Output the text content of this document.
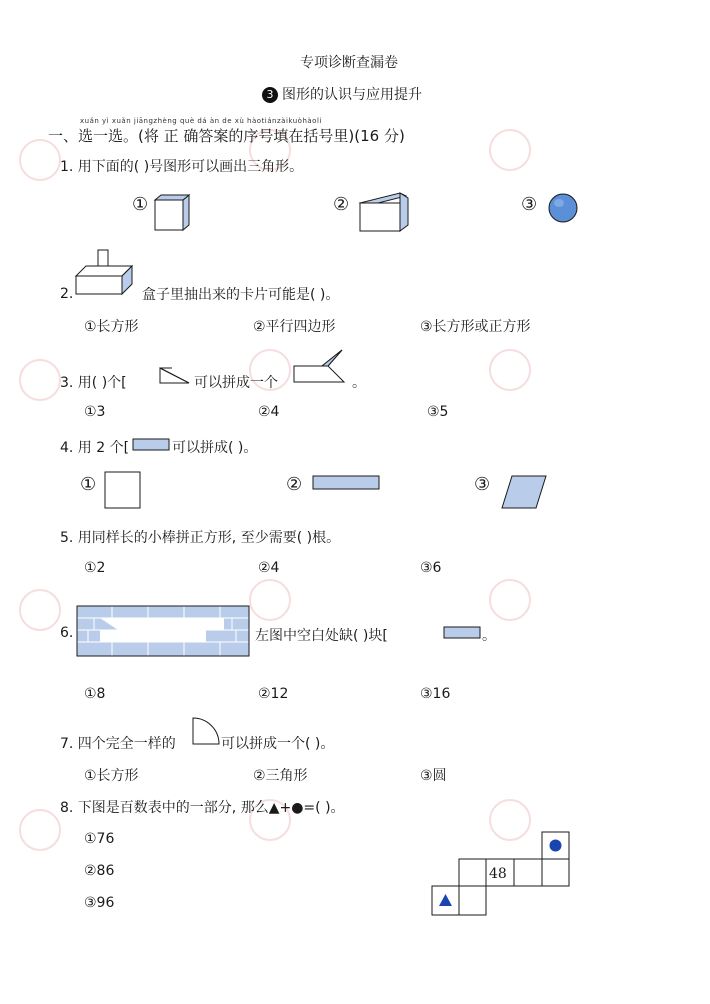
专项诊断查漏卷
3 图形的认识与应用提升
xuǎn yì xuǎn jiāngzhèng què dá àn de xù hàotiánzàikuòhàoli
一、选一选。(将 正 确答案的序号填在括号里)(16 分)
1. 用下面的( )号图形可以画出三角形。
①	②	③
2.	盒子里抽出来的卡片可能是( )。
①长方形	②平行四边形	③长方形或正方形
3. 用( )个[	可以拼成一个	。
①3	②4	③5
4. 用 2 个[	可以拼成( )。
①	②	③
5. 用同样长的小棒拼正方形, 至少需要( )根。
①2	②4	③6
6.	左图中空白处缺( )块[	。
①8	②12	③16
7. 四个完全一样的	可以拼成一个( )。
①长方形	②三角形	③圆
8. 下图是百数表中的一部分, 那么▲+●=( )。
①76
②86
③96
48
